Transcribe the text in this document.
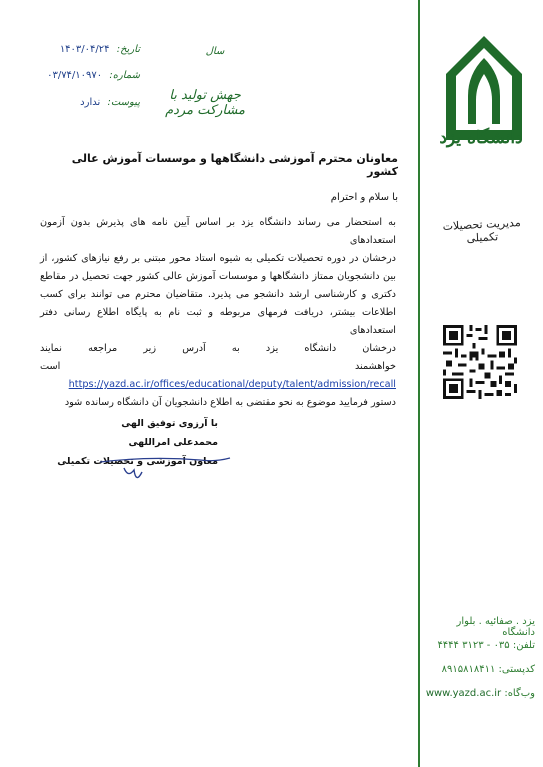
دانشگاه یزد
مدیریت تحصیلات تکمیلی
یزد . صفائیه . بلوار دانشگاه
تلفن: ۰۳۵ - ۳۱۲۳ ۴۴۴۴
کدپستی: ۸۹۱۵۸۱۸۴۱۱
وب‌گاه: www.yazd.ac.ir
سال
جهش تولید با مشارکت مردم
تاریخ: ۱۴۰۳/۰۴/۲۴
شماره: ۰۳/۷۴/۱۰۹۷۰
پیوست: ندارد
معاونان محترم آموزشی دانشگاهها و موسسات آموزش عالی کشور
با سلام و احترام
به استحضار می رساند دانشگاه یزد بر اساس آیین نامه های پذیرش بدون آزمون استعدادهای
درخشان در دوره تحصیلات تکمیلی به شیوه استاد محور مبتنی بر رفع نیازهای کشور، از
بین دانشجویان ممتاز دانشگاهها و موسسات آموزش عالی کشور جهت تحصیل در مقاطع
دکتری و کارشناسی ارشد دانشجو می پذیرد. متقاضیان محترم می توانند برای کسب
اطلاعات بیشتر، دریافت فرمهای مربوطه و ثبت نام به پایگاه اطلاع رسانی دفتر استعدادهای
درخشان دانشگاه یزد به آدرس زیر مراجعه نمایند
خواهشمند است https://yazd.ac.ir/offices/educational/deputy/talent/admission/recall
دستور فرمایید موضوع به نحو مقتضی به اطلاع دانشجویان آن دانشگاه رسانده شود
با آرزوی توفیق الهی
محمدعلی امراللهی
معاون آموزشی و تحصیلات تکمیلی
